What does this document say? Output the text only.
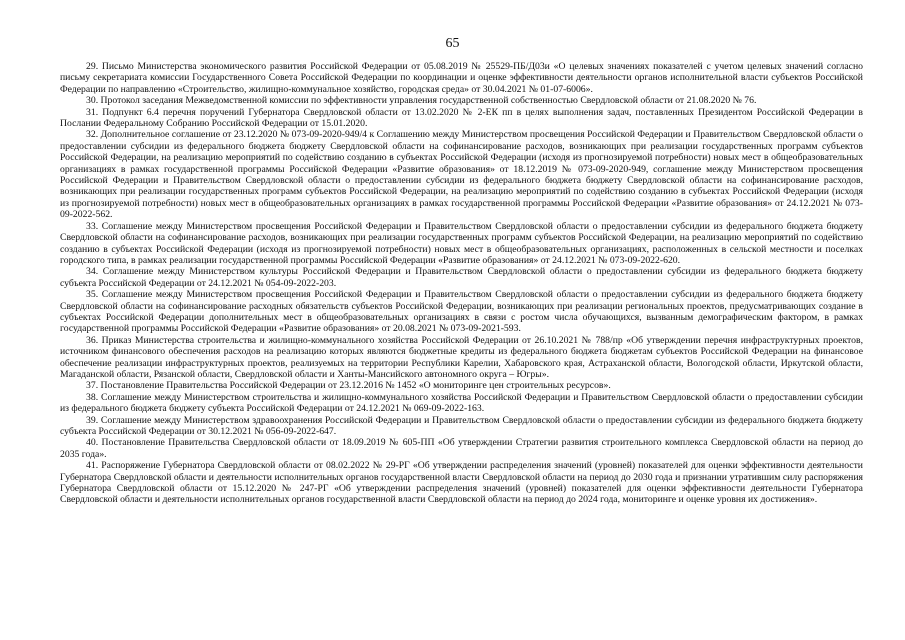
65

29. Письмо Министерства экономического развития Российской Федерации от 05.08.2019 № 25529-ПБ/Д03и «О целевых значениях показателей с учетом целевых значений согласно письму секретариата комиссии Государственного Совета Российской Федерации по координации и оценке эффективности деятельности органов исполнительной власти субъектов Российской Федерации по направлению «Строительство, жилищно-коммунальное хозяйство, городская среда» от 30.04.2021 № 01-07-6006».

30. Протокол заседания Межведомственной комиссии по эффективности управления государственной собственностью Свердловской области от 21.08.2020 № 76.

31. Подпункт 6.4 перечня поручений Губернатора Свердловской области от 13.02.2020 № 2-ЕК пп в целях выполнения задач, поставленных Президентом Российской Федерации в Послании Федеральному Собранию Российской Федерации от 15.01.2020.

32. Дополнительное соглашение от 23.12.2020 № 073-09-2020-949/4 к Соглашению между Министерством просвещения Российской Федерации и Правительством Свердловской области о предоставлении субсидии из федерального бюджета бюджету Свердловской области на софинансирование расходов, возникающих при реализации государственных программ субъектов Российской Федерации, на реализацию мероприятий по содействию созданию в субъектах Российской Федерации (исходя из прогнозируемой потребности) новых мест в общеобразовательных организациях в рамках государственной программы Российской Федерации «Развитие образования» от 18.12.2019 № 073-09-2020-949, соглашение между Министерством просвещения Российской Федерации и Правительством Свердловской области о предоставлении субсидии из федерального бюджета бюджету Свердловской области на софинансирование расходов, возникающих при реализации государственных программ субъектов Российской Федерации, на реализацию мероприятий по содействию созданию в субъектах Российской Федерации (исходя из прогнозируемой потребности) новых мест в общеобразовательных организациях в рамках государственной программы Российской Федерации «Развитие образования» от 24.12.2021 № 073-09-2022-562.

33. Соглашение между Министерством просвещения Российской Федерации и Правительством Свердловской области о предоставлении субсидии из федерального бюджета бюджету Свердловской области на софинансирование расходов, возникающих при реализации государственных программ субъектов Российской Федерации, на реализацию мероприятий по содействию созданию в субъектах Российской Федерации (исходя из прогнозируемой потребности) новых мест в общеобразовательных организациях, расположенных в сельской местности и поселках городского типа, в рамках реализации государственной программы Российской Федерации «Развитие образования» от 24.12.2021 № 073-09-2022-620.

34. Соглашение между Министерством культуры Российской Федерации и Правительством Свердловской области о предоставлении субсидии из федерального бюджета бюджету субъекта Российской Федерации от 24.12.2021 № 054-09-2022-203.

35. Соглашение между Министерством просвещения Российской Федерации и Правительством Свердловской области о предоставлении субсидии из федерального бюджета бюджету Свердловской области на софинансирование расходных обязательств субъектов Российской Федерации, возникающих при реализации региональных проектов, предусматривающих создание в субъектах Российской Федерации дополнительных мест в общеобразовательных организациях в связи с ростом числа обучающихся, вызванным демографическим фактором, в рамках государственной программы Российской Федерации «Развитие образования» от 20.08.2021 № 073-09-2021-593.

36. Приказ Министерства строительства и жилищно-коммунального хозяйства Российской Федерации от 26.10.2021 № 788/пр «Об утверждении перечня инфраструктурных проектов, источником финансового обеспечения расходов на реализацию которых являются бюджетные кредиты из федерального бюджета бюджетам субъектов Российской Федерации на финансовое обеспечение реализации инфраструктурных проектов, реализуемых на территории Республики Карелии, Хабаровского края, Астраханской области, Вологодской области, Иркутской области, Магаданской области, Рязанской области, Свердловской области и Ханты-Мансийского автономного округа – Югры».

37. Постановление Правительства Российской Федерации от 23.12.2016 № 1452 «О мониторинге цен строительных ресурсов».

38. Соглашение между Министерством строительства и жилищно-коммунального хозяйства Российской Федерации и Правительством Свердловской области о предоставлении субсидии из федерального бюджета бюджету субъекта Российской Федерации от 24.12.2021 № 069-09-2022-163.

39. Соглашение между Министерством здравоохранения Российской Федерации и Правительством Свердловской области о предоставлении субсидии из федерального бюджета бюджету субъекта Российской Федерации от 30.12.2021 № 056-09-2022-647.

40. Постановление Правительства Свердловской области от 18.09.2019 № 605-ПП «Об утверждении Стратегии развития строительного комплекса Свердловской области на период до 2035 года».

41. Распоряжение Губернатора Свердловской области от 08.02.2022 № 29-РГ «Об утверждении распределения значений (уровней) показателей для оценки эффективности деятельности Губернатора Свердловской области и деятельности исполнительных органов государственной власти Свердловской области на период до 2030 года и признании утратившим силу распоряжения Губернатора Свердловской области от 15.12.2020 № 247-РГ «Об утверждении распределения значений (уровней) показателей для оценки эффективности деятельности Губернатора Свердловской области и деятельности исполнительных органов государственной власти Свердловской области на период до 2024 года, мониторинге и оценке уровня их достижения».
